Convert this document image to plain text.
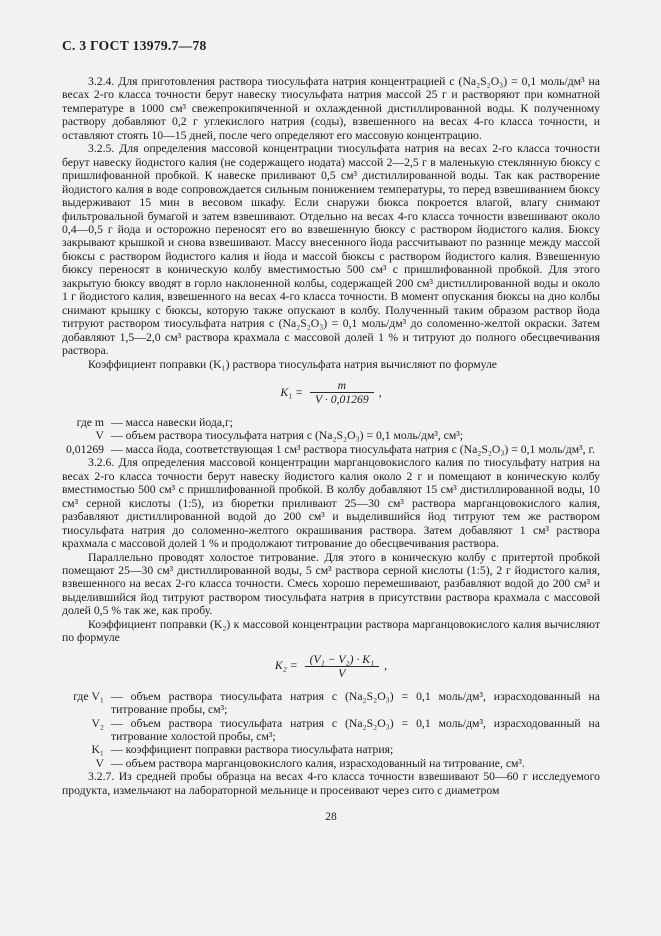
С. 3 ГОСТ 13979.7—78

3.2.4. Для приготовления раствора тиосульфата натрия концентрацией c (Na₂S₂O₃) = 0,1 моль/дм³ на весах 2-го класса точности берут навеску тиосульфата натрия массой 25 г и растворяют при комнатной температуре в 1000 см³ свежепрокипяченной и охлажденной дистиллированной воды. К полученному раствору добавляют 0,2 г углекислого натрия (соды), взвешенного на весах 4-го класса точности, и оставляют стоять 10—15 дней, после чего определяют его массовую концентрацию.

3.2.5. Для определения массовой концентрации тиосульфата натрия на весах 2-го класса точности берут навеску йодистого калия (не содержащего иодата) массой 2—2,5 г в маленькую стеклянную бюксу с пришлифованной пробкой. К навеске приливают 0,5 см³ дистиллированной воды. Так как растворение йодистого калия в воде сопровождается сильным понижением температуры, то перед взвешиванием бюксу выдерживают 15 мин в весовом шкафу. Если снаружи бюкса покроется влагой, влагу снимают фильтровальной бумагой и затем взвешивают. Отдельно на весах 4-го класса точности взвешивают около 0,4—0,5 г йода и осторожно переносят его во взвешенную бюксу с раствором йодистого калия. Бюксу закрывают крышкой и снова взвешивают. Массу внесенного йода рассчитывают по разнице между массой бюксы с раствором йодистого калия и йода и массой бюксы с раствором йодистого калия. Взвешенную бюксу переносят в коническую колбу вместимостью 500 см³ с пришлифованной пробкой. Для этого закрытую бюксу вводят в горло наклоненной колбы, содержащей 200 см³ дистиллированной воды и около 1 г йодистого калия, взвешенного на весах 4-го класса точности. В момент опускания бюксы на дно колбы снимают крышку с бюксы, которую также опускают в колбу. Полученный таким образом раствор йода титруют раствором тиосульфата натрия c (Na₂S₂O₃) = 0,1 моль/дм³ до соломенно-желтой окраски. Затем добавляют 1,5—2,0 см³ раствора крахмала с массовой долей 1 % и титруют до полного обесцвечивания раствора.

Коэффициент поправки (K₁) раствора тиосульфата натрия вычисляют по формуле

$K_1 = \frac{m}{V \cdot 0,01269}$ ,
где m — масса навески йода,г;
V — объем раствора тиосульфата натрия c (Na₂S₂O₃) = 0,1 моль/дм³, см³;
0,01269 — масса йода, соответствующая 1 см³ раствора тиосульфата натрия c (Na₂S₂O₃) = 0,1 моль/дм³, г.

3.2.6. Для определения массовой концентрации марганцовокислого калия по тиосульфату натрия на весах 2-го класса точности берут навеску йодистого калия около 2 г и помещают в коническую колбу вместимостью 500 см³ с пришлифованной пробкой. В колбу добавляют 15 см³ дистиллированной воды, 10 см³ серной кислоты (1:5), из бюретки приливают 25—30 см³ раствора марганцовокислого калия, разбавляют дистиллированной водой до 200 см³ и выделившийся йод титруют тем же раствором тиосульфата натрия до соломенно-желтого окрашивания раствора. Затем добавляют 1 см³ раствора крахмала с массовой долей 1 % и продолжают титрование до обесцвечивания раствора.

Параллельно проводят холостое титрование. Для этого в коническую колбу с притертой пробкой помещают 25—30 см³ дистиллированной воды, 5 см³ раствора серной кислоты (1:5), 2 г йодистого калия, взвешенного на весах 2-го класса точности. Смесь хорошо перемешивают, разбавляют водой до 200 см³ и выделившийся йод титруют раствором тиосульфата натрия в присутствии раствора крахмала с массовой долей 0,5 % так же, как пробу.

Коэффициент поправки (K₂) к массовой концентрации раствора марганцовокислого калия вычисляют по формуле

$K_2 = \frac{\text{(V₁ − V₂) · K₁}}{V}$ ,
где V₁ — объем раствора тиосульфата натрия c (Na₂S₂O₃) = 0,1 моль/дм³, израсходованный на титрование пробы, см³;
V₂ — объем раствора тиосульфата натрия c (Na₂S₂O₃) = 0,1 моль/дм³, израсходованный на титрование холостой пробы, см³;
K₁ — коэффициент поправки раствора тиосульфата натрия;
V — объем раствора марганцовокислого калия, израсходованный на титрование, см³.

3.2.7. Из средней пробы образца на весах 4-го класса точности взвешивают 50—60 г исследуемого продукта, измельчают на лабораторной мельнице и просеивают через сито с диаметром

28
